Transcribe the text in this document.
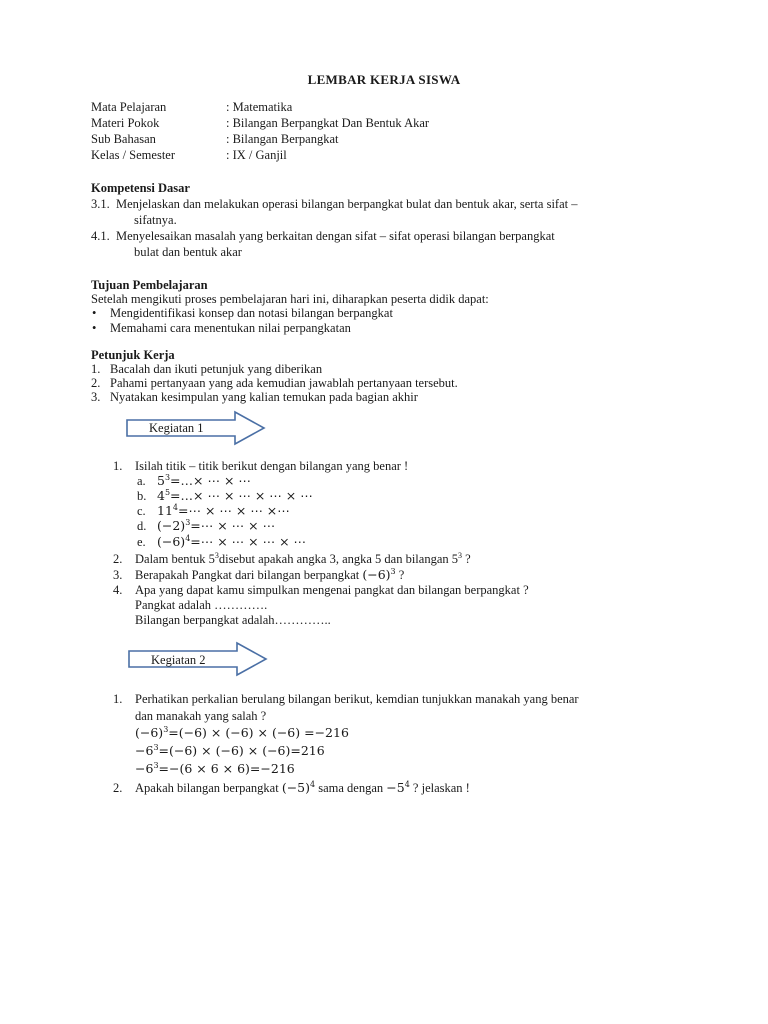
LEMBAR KERJA SISWA
Mata Pelajaran	: Matematika
Materi Pokok	: Bilangan Berpangkat Dan Bentuk Akar
Sub Bahasan	: Bilangan Berpangkat
Kelas / Semester	: IX / Ganjil
Kompetensi Dasar
3.1. Menjelaskan dan melakukan operasi bilangan berpangkat bulat dan bentuk akar, serta sifat –
sifatnya.
4.1. Menyelesaikan masalah yang berkaitan dengan sifat – sifat operasi bilangan berpangkat
bulat dan bentuk akar
Tujuan Pembelajaran
Setelah mengikuti proses pembelajaran hari ini, diharapkan peserta didik dapat:
• Mengidentifikasi konsep dan notasi bilangan berpangkat
• Memahami cara menentukan nilai perpangkatan
Petunjuk Kerja
1. Bacalah dan ikuti petunjuk yang diberikan
2. Pahami pertanyaan yang ada kemudian jawablah pertanyaan tersebut.
3. Nyatakan kesimpulan yang kalian temukan pada bagian akhir
Kegiatan 1
1. Isilah titik – titik berikut dengan bilangan yang benar !
a. $5^3=\dots\times$ ⋯ × ⋯
b. $4^5=\dots\times$ ⋯ × ⋯ × ⋯ × ⋯
c. $11^4=\cdots$ × ⋯ × ⋯ ×⋯
d. $(-2)^3=\cdots$ × ⋯ × ⋯
e. $(-6)^4=\cdots$ × ⋯ × ⋯ × ⋯
2. Dalam bentuk $5^3disebut$ apakah angka 3, angka 5 dan bilangan $5^3$ ?
3. Berapakah Pangkat dari bilangan berpangkat $(-6)^3$ ?
4. Apa yang dapat kamu simpulkan mengenai pangkat dan bilangan berpangkat ?
Pangkat adalah ………….
Bilangan berpangkat adalah…………..
Kegiatan 2
1. Perhatikan perkalian berulang bilangan berikut, kemdian tunjukkan manakah yang benar
dan manakah yang salah ?
$(-6)^3=(-6) \times (-6) \times (-6) =-216$
$-6^3=(-6) \times (-6) \times (-6)=216$
$-6^3=-(6 \times 6 \times 6)=-216$
2. Apakah bilangan berpangkat $(-5)^4$ sama dengan $-5^4$ ? jelaskan !
